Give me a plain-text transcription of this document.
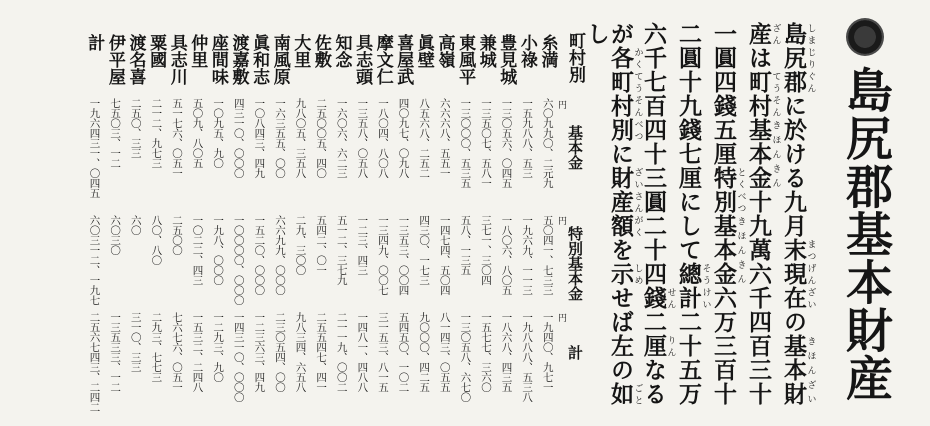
島尻郡基本財産
島尻郡しまじりぐんに於ける九月末現在まつげんざいの基本財きほんざい
産ざんは町村てうそん基本金きほんきん十九萬六千四百三十
一圓四錢五厘特別とくべつ基本金きほんきん六万三百十
二圓十九錢七厘にして總計そうけい二十五万
六千七百四十三圓二十四錢せん二厘りんなる
が各町村別かくてうそんべつに財産額ざいさんがくを示しめせば左の如ごと
し
町村別
基本金
特別基本金
計
円
円
円
糸満
六〇九九〇、二元九
五〇四一、七三三
一九四〇、九七一
小祿
一五九八八、五三
一九六九、一一三
一九八八八、五三八
豊見城
一三〇五六、〇四五
一八〇六、八〇五
一八六八、四三五
兼城
一三五〇七、五八一
三七一、三〇四
一五七七、三六〇
東風平
一三〇〇〇、五三五
五八、一三五
一三〇五八、六七〇
高嶺
六六六八、五五一
一四七四、五〇四
八一四三、〇五五
眞壁
八五六八、二五二
四三〇、一七三
九〇〇〇、四二五
喜屋武
四〇九七、〇九八
一三五三、〇〇四
五四五〇、一〇二
摩文仁
一八〇四、八〇八
一三四九、〇〇七
三一五三、八一五
具志頭
一三五八、〇五八
一二三、四三
一四八一、四八八
知念
一六〇六、六二三
五一二、三七九
二一一九、〇〇二
佐敷
二五〇〇五、四〇
五四二、〇一
二五五四七、四一
大里
九八〇五、三五八
二九、三〇〇
九八三四、六五八
南風原
一六三五五、〇〇
六六九九、〇〇〇
二三〇五四、〇〇
眞和志
一〇八四三、四九
一五二〇、〇〇〇
一二三六三、四九
渡嘉敷
四三一〇、〇〇〇
一〇〇〇〇、〇〇〇
一四三一〇、〇〇〇
座間味
一〇九五、九〇
一九八、〇〇〇
一二九三、九〇
仲里
五〇九、八〇五
一〇二二、四三
一五三二、二四八
具志川
五一七六、〇五一
二五〇〇
七六七六、〇五一
粟國
二一二、九七三
八〇、八〇
二九三、七七三
渡名喜
二五〇、三三
六〇
三一〇、三三
伊平屋
七五〇三、一二
六〇三〇
一三五三三、一二
計
一九六四三一、〇四五
六〇三一二、一九七
二五六七四三、二四二
